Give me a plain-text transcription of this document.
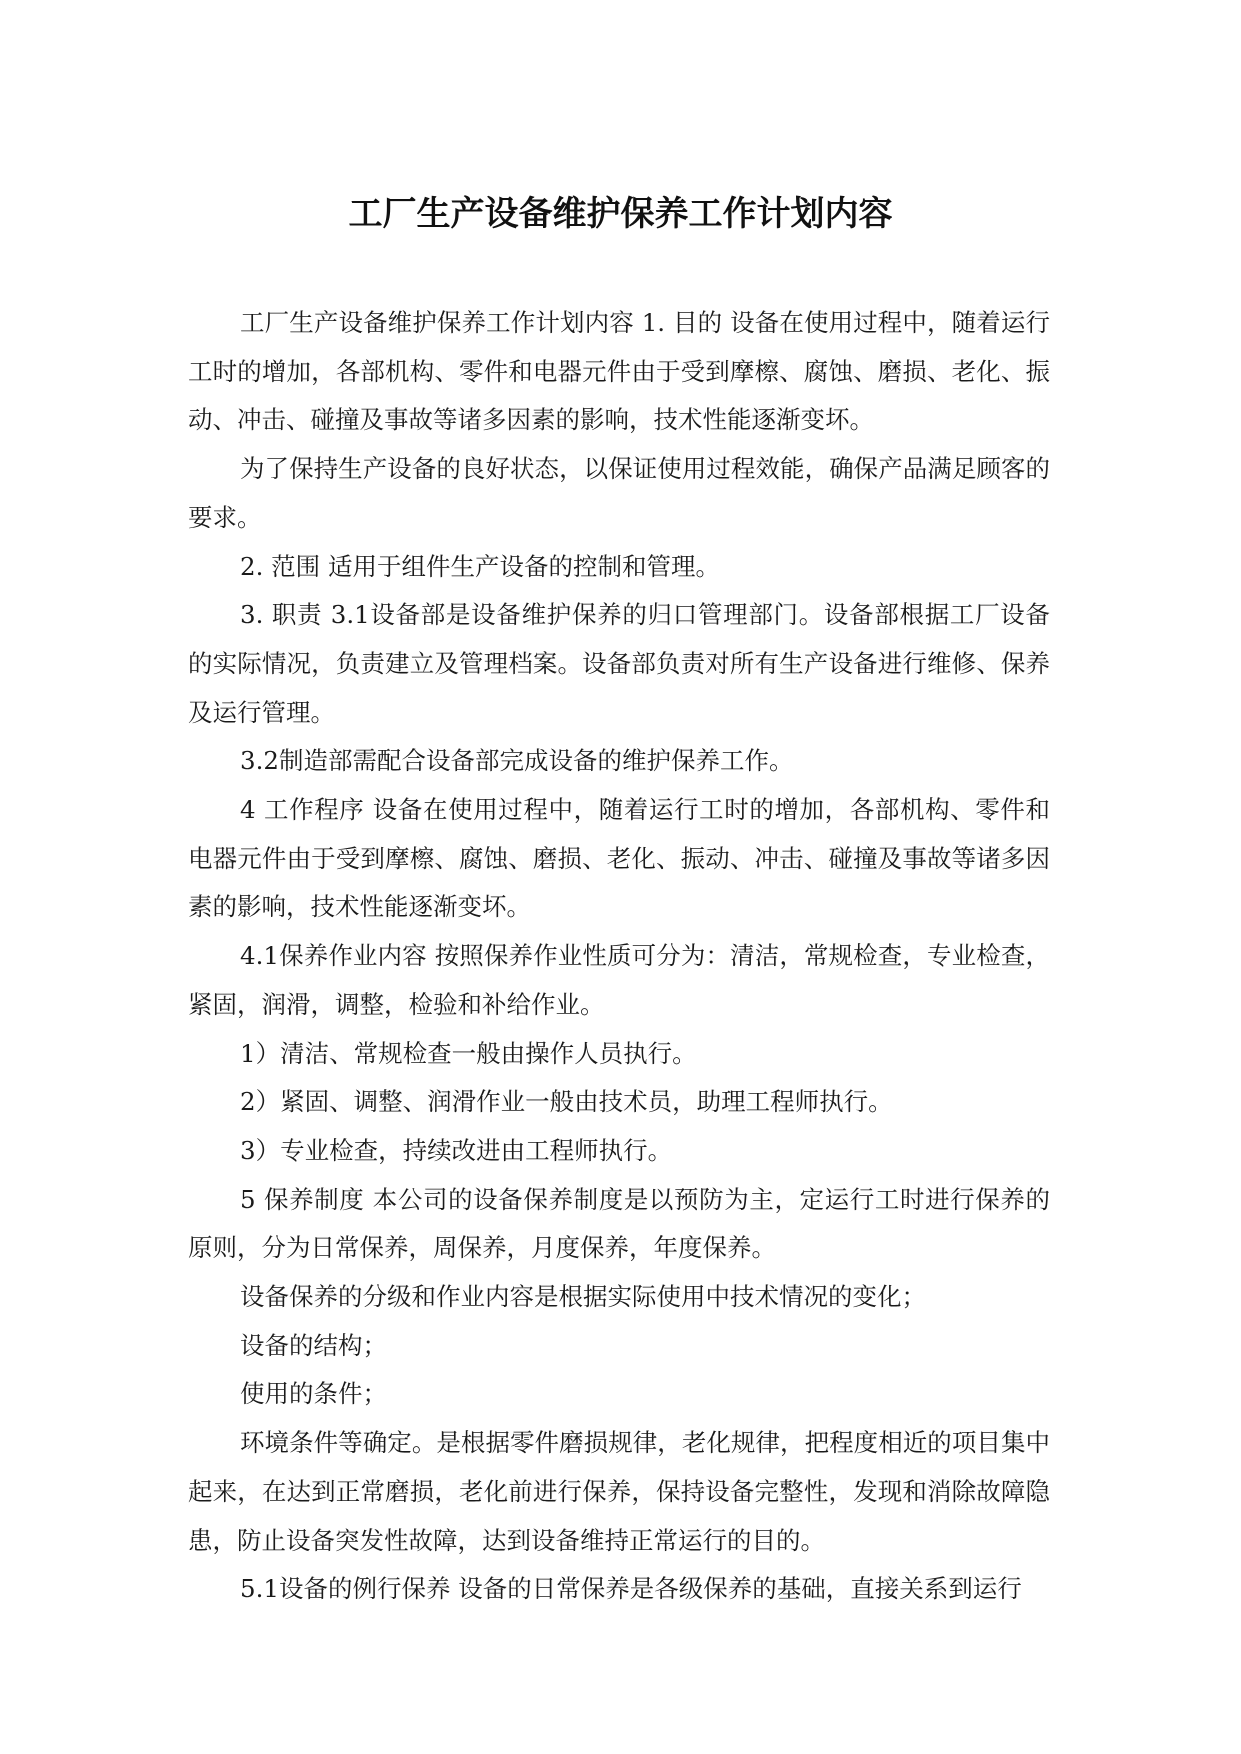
工厂生产设备维护保养工作计划内容

工厂生产设备维护保养工作计划内容 1. 目的 设备在使用过程中，随着运行工时的增加，各部机构、零件和电器元件由于受到摩檫、腐蚀、磨损、老化、振动、冲击、碰撞及事故等诸多因素的影响，技术性能逐渐变坏。

为了保持生产设备的良好状态，以保证使用过程效能，确保产品满足顾客的要求。

2. 范围 适用于组件生产设备的控制和管理。

3. 职责 3.1设备部是设备维护保养的归口管理部门。设备部根据工厂设备的实际情况，负责建立及管理档案。设备部负责对所有生产设备进行维修、保养及运行管理。

3.2制造部需配合设备部完成设备的维护保养工作。

4 工作程序 设备在使用过程中，随着运行工时的增加，各部机构、零件和电器元件由于受到摩檫、腐蚀、磨损、老化、振动、冲击、碰撞及事故等诸多因素的影响，技术性能逐渐变坏。

4.1保养作业内容 按照保养作业性质可分为：清洁，常规检查，专业检查，紧固，润滑，调整，检验和补给作业。

1）清洁、常规检查一般由操作人员执行。

2）紧固、调整、润滑作业一般由技术员，助理工程师执行。

3）专业检查，持续改进由工程师执行。

5 保养制度 本公司的设备保养制度是以预防为主，定运行工时进行保养的原则，分为日常保养，周保养，月度保养，年度保养。

设备保养的分级和作业内容是根据实际使用中技术情况的变化；

设备的结构；

使用的条件；

环境条件等确定。是根据零件磨损规律，老化规律，把程度相近的项目集中起来，在达到正常磨损，老化前进行保养，保持设备完整性，发现和消除故障隐患，防止设备突发性故障，达到设备维持正常运行的目的。

5.1设备的例行保养 设备的日常保养是各级保养的基础，直接关系到运行
